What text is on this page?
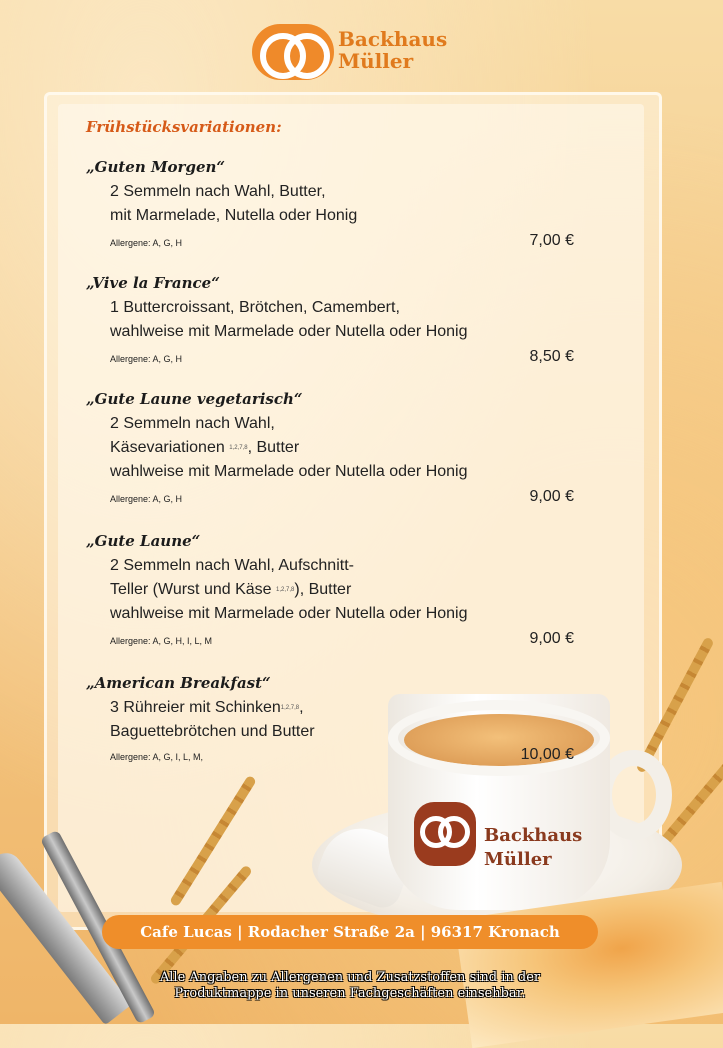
Backhaus
Müller
Backhaus
Müller
Frühstücksvariationen:
„Guten Morgen“
2 Semmeln nach Wahl, Butter,
mit Marmelade, Nutella oder Honig
Allergene: A, G, H	7,00 €
„Vive la France“
1 Buttercroissant, Brötchen, Camembert,
wahlweise mit Marmelade oder Nutella oder Honig
Allergene: A, G, H	8,50 €
„Gute Laune vegetarisch“
2 Semmeln nach Wahl,
Käsevariationen 1,2,7,8, Butter
wahlweise mit Marmelade oder Nutella oder Honig
Allergene: A, G, H	9,00 €
„Gute Laune“
2 Semmeln nach Wahl, Aufschnitt-
Teller (Wurst und Käse 1,2,7,8), Butter
wahlweise mit Marmelade oder Nutella oder Honig
Allergene: A, G, H, I, L, M	9,00 €
„American Breakfast“
3 Rühreier mit Schinken1,2,7,8,
Baguettebrötchen und Butter
Allergene: A, G, I, L, M,	10,00 €
Cafe Lucas | Rodacher Straße 2a | 96317 Kronach
Alle Angaben zu Allergenen und Zusatzstoffen sind in der
Produktmappe in unseren Fachgeschäften einsehbar.
